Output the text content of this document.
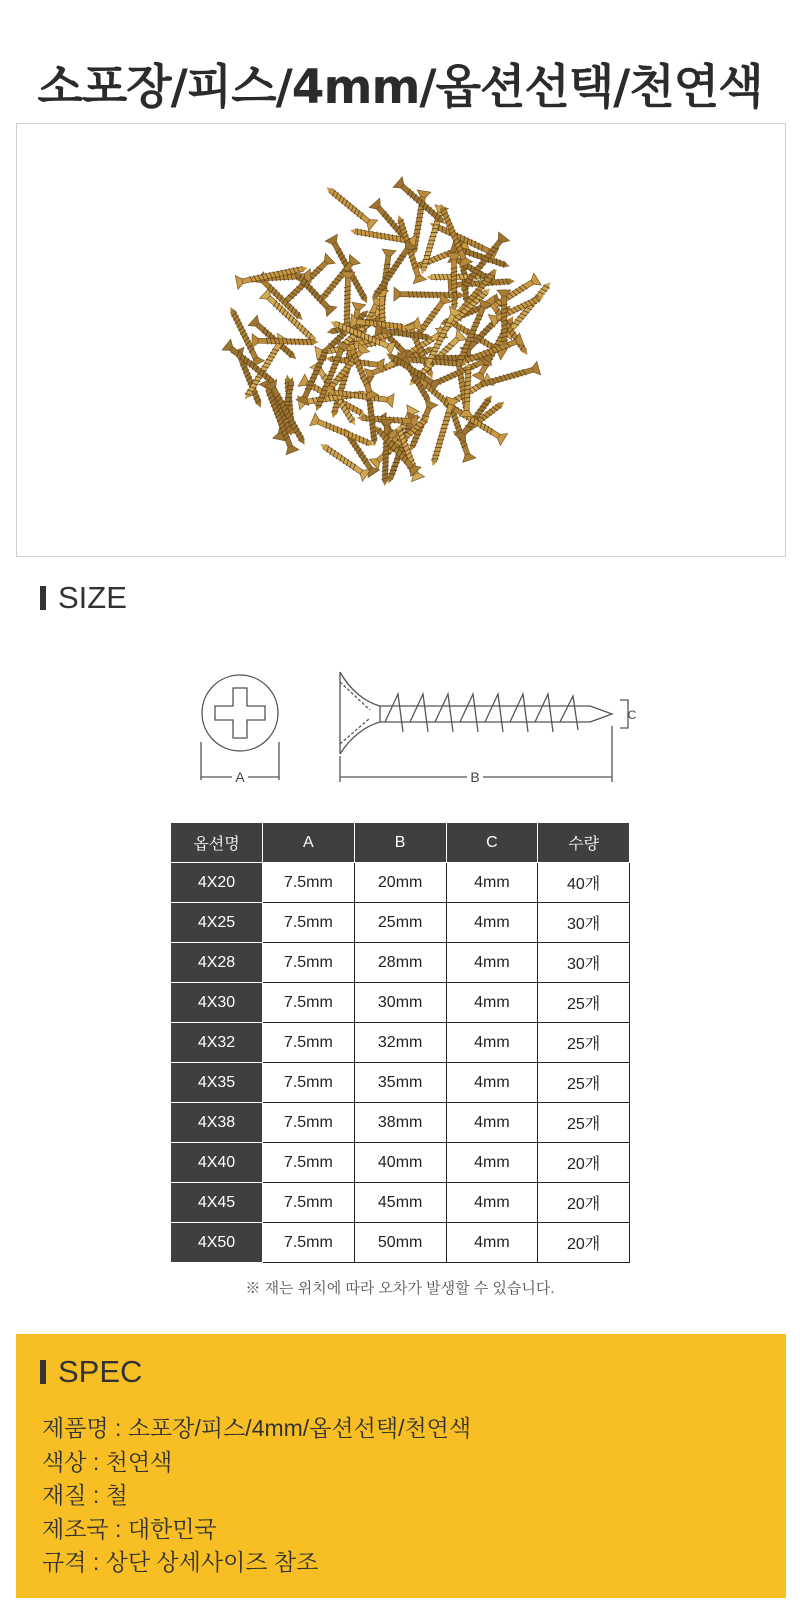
소포장/피스/4mm/옵션선택/천연색
SIZE
A	B
C
옵션명	A	B	C	수량
4X20	7.5mm	20mm	4mm	40개
4X25	7.5mm	25mm	4mm	30개
4X28	7.5mm	28mm	4mm	30개
4X30	7.5mm	30mm	4mm	25개
4X32	7.5mm	32mm	4mm	25개
4X35	7.5mm	35mm	4mm	25개
4X38	7.5mm	38mm	4mm	25개
4X40	7.5mm	40mm	4mm	20개
4X45	7.5mm	45mm	4mm	20개
4X50	7.5mm	50mm	4mm	20개
※ 재는 위치에 따라 오차가 발생할 수 있습니다.
SPEC
제품명 : 소포장/피스/4mm/옵션선택/천연색
색상 : 천연색
재질 : 철
제조국 : 대한민국
규격 : 상단 상세사이즈 참조
